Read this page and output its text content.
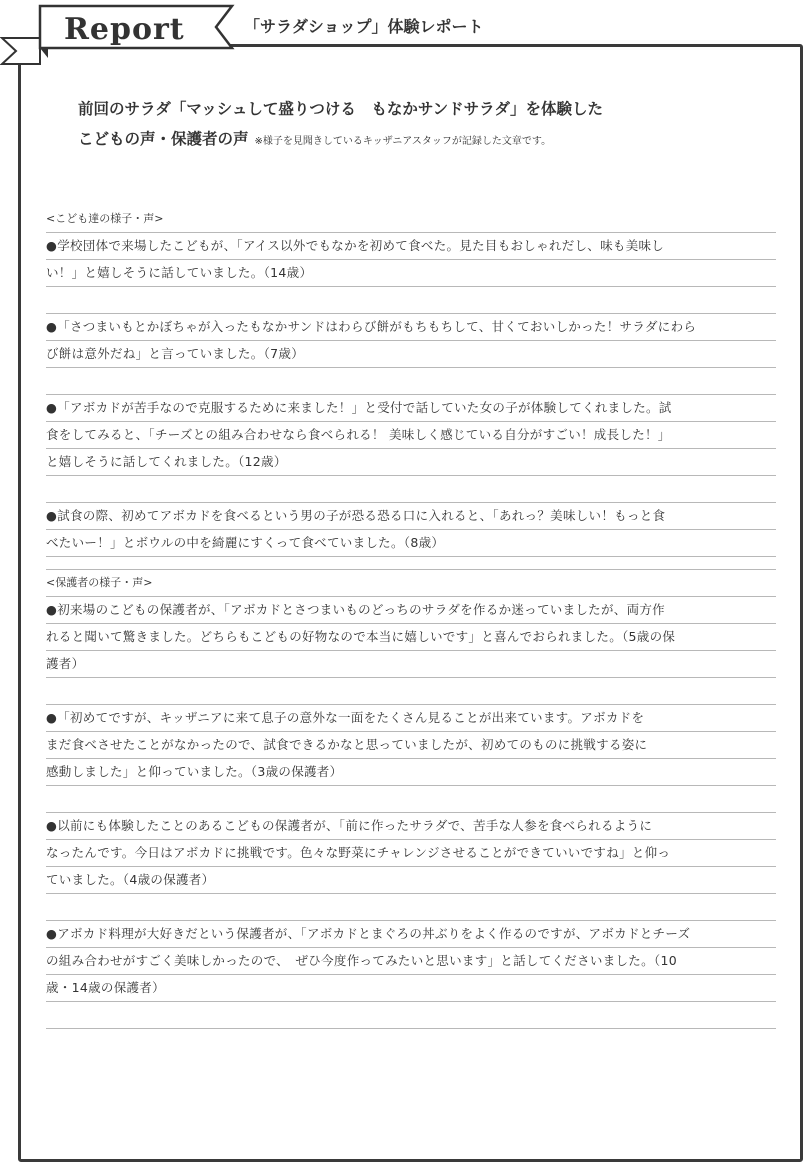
Report	「サラダショップ」体験レポート
前回のサラダ「マッシュして盛りつける　もなかサンドサラダ」を体験した
こどもの声・保護者の声 ※様子を見聞きしているキッザニアスタッフが記録した文章です。
<こども達の様子・声>
●学校団体で来場したこどもが、「アイス以外でもなかを初めて食べた。見た目もおしゃれだし、味も美味し
い！」と嬉しそうに話していました。（14歳）
●「さつまいもとかぼちゃが入ったもなかサンドはわらび餅がもちもちして、甘くておいしかった！サラダにわら
び餅は意外だね」と言っていました。（7歳）
●「アボカドが苦手なので克服するために来ました！」と受付で話していた女の子が体験してくれました。試
食をしてみると、「チーズとの組み合わせなら食べられる！ 美味しく感じている自分がすごい！成長した！」
と嬉しそうに話してくれました。（12歳）
●試食の際、初めてアボカドを食べるという男の子が恐る恐る口に入れると、「あれっ？美味しい！もっと食
べたいー！」とボウルの中を綺麗にすくって食べていました。（8歳）
<保護者の様子・声>
●初来場のこどもの保護者が、「アボカドとさつまいものどっちのサラダを作るか迷っていましたが、両方作
れると聞いて驚きました。どちらもこどもの好物なので本当に嬉しいです」と喜んでおられました。（5歳の保
護者）
●「初めてですが、キッザニアに来て息子の意外な一面をたくさん見ることが出来ています。アボカドを
まだ食べさせたことがなかったので、試食できるかなと思っていましたが、初めてのものに挑戦する姿に
感動しました」と仰っていました。（3歳の保護者）
●以前にも体験したことのあるこどもの保護者が、「前に作ったサラダで、苦手な人参を食べられるように
なったんです。今日はアボカドに挑戦です。色々な野菜にチャレンジさせることができていいですね」と仰っ
ていました。（4歳の保護者）
●アボカド料理が大好きだという保護者が、「アボカドとまぐろの丼ぶりをよく作るのですが、アボカドとチーズ
の組み合わせがすごく美味しかったので、　ぜひ今度作ってみたいと思います」と話してくださいました。（10
歳・14歳の保護者）
